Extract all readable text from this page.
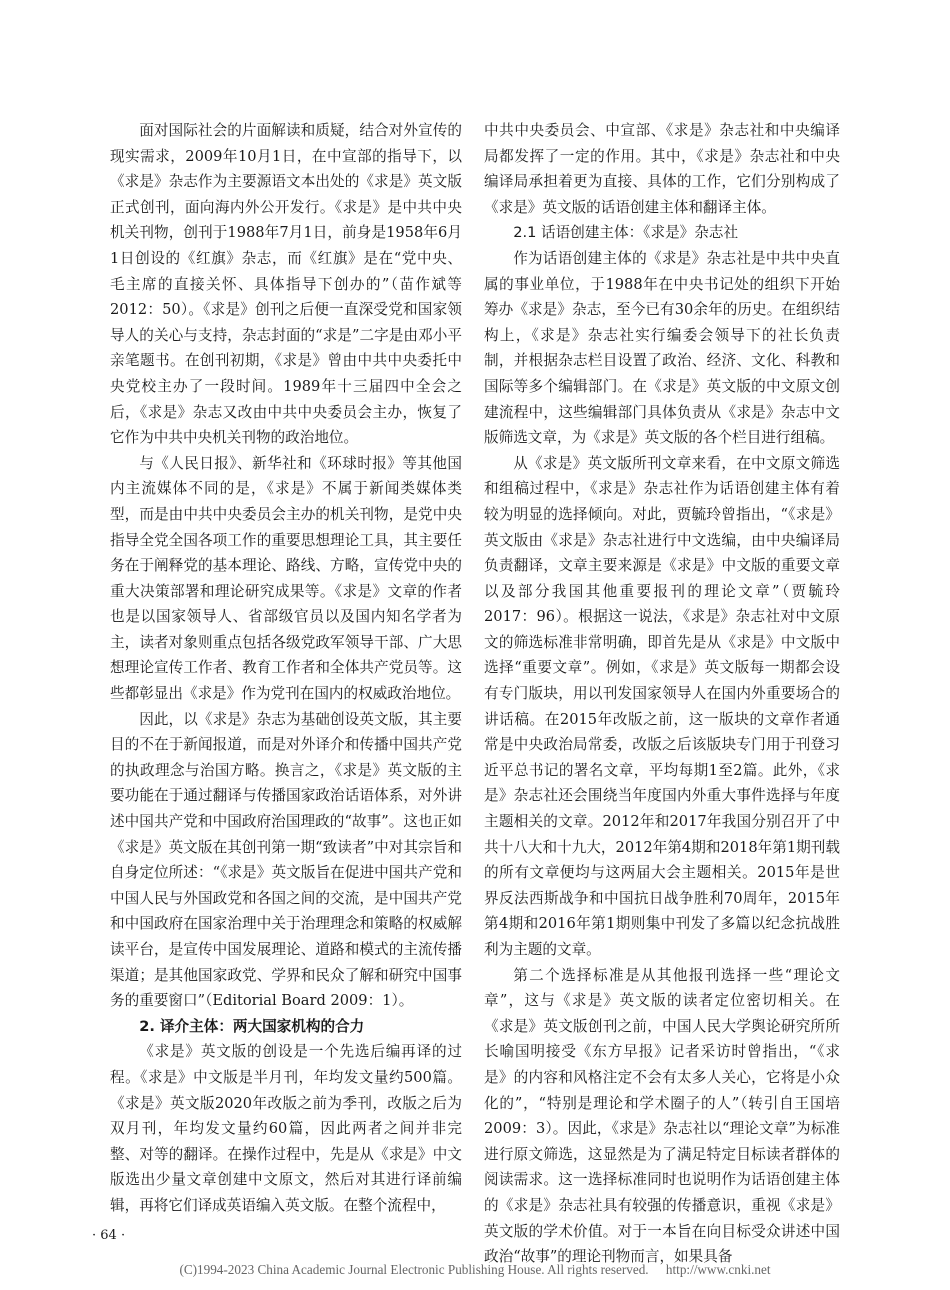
面对国际社会的片面解读和质疑，结合对外宣传的现实需求，2009年10月1日，在中宣部的指导下，以《求是》杂志作为主要源语文本出处的《求是》英文版正式创刊，面向海内外公开发行。《求是》是中共中央机关刊物，创刊于1988年7月1日，前身是1958年6月1日创设的《红旗》杂志，而《红旗》是在“党中央、毛主席的直接关怀、具体指导下创办的”（苗作斌等 2012：50）。《求是》创刊之后便一直深受党和国家领导人的关心与支持，杂志封面的“求是”二字是由邓小平亲笔题书。在创刊初期，《求是》曾由中共中央委托中央党校主办了一段时间。1989年十三届四中全会之后，《求是》杂志又改由中共中央委员会主办，恢复了它作为中共中央机关刊物的政治地位。

与《人民日报》、新华社和《环球时报》等其他国内主流媒体不同的是，《求是》不属于新闻类媒体类型，而是由中共中央委员会主办的机关刊物，是党中央指导全党全国各项工作的重要思想理论工具，其主要任务在于阐释党的基本理论、路线、方略，宣传党中央的重大决策部署和理论研究成果等。《求是》文章的作者也是以国家领导人、省部级官员以及国内知名学者为主，读者对象则重点包括各级党政军领导干部、广大思想理论宣传工作者、教育工作者和全体共产党员等。这些都彰显出《求是》作为党刊在国内的权威政治地位。

因此，以《求是》杂志为基础创设英文版，其主要目的不在于新闻报道，而是对外译介和传播中国共产党的执政理念与治国方略。换言之，《求是》英文版的主要功能在于通过翻译与传播国家政治话语体系，对外讲述中国共产党和中国政府治国理政的“故事”。这也正如《求是》英文版在其创刊第一期“致读者”中对其宗旨和自身定位所述：“《求是》英文版旨在促进中国共产党和中国人民与外国政党和各国之间的交流，是中国共产党和中国政府在国家治理中关于治理理念和策略的权威解读平台，是宣传中国发展理论、道路和模式的主流传播渠道；是其他国家政党、学界和民众了解和研究中国事务的重要窗口”（Editorial Board 2009：1）。

2. 译介主体：两大国家机构的合力

《求是》英文版的创设是一个先选后编再译的过程。《求是》中文版是半月刊，年均发文量约500篇。《求是》英文版2020年改版之前为季刊，改版之后为双月刊，年均发文量约60篇，因此两者之间并非完整、对等的翻译。在操作过程中，先是从《求是》中文版选出少量文章创建中文原文，然后对其进行译前编辑，再将它们译成英语编入英文版。在整个流程中，

中共中央委员会、中宣部、《求是》杂志社和中央编译局都发挥了一定的作用。其中，《求是》杂志社和中央编译局承担着更为直接、具体的工作，它们分别构成了《求是》英文版的话语创建主体和翻译主体。

2.1 话语创建主体：《求是》杂志社

作为话语创建主体的《求是》杂志社是中共中央直属的事业单位，于1988年在中央书记处的组织下开始筹办《求是》杂志，至今已有30余年的历史。在组织结构上，《求是》杂志社实行编委会领导下的社长负责制，并根据杂志栏目设置了政治、经济、文化、科教和国际等多个编辑部门。在《求是》英文版的中文原文创建流程中，这些编辑部门具体负责从《求是》杂志中文版筛选文章，为《求是》英文版的各个栏目进行组稿。

从《求是》英文版所刊文章来看，在中文原文筛选和组稿过程中，《求是》杂志社作为话语创建主体有着较为明显的选择倾向。对此，贾毓玲曾指出，“《求是》英文版由《求是》杂志社进行中文选编，由中央编译局负责翻译，文章主要来源是《求是》中文版的重要文章以及部分我国其他重要报刊的理论文章”（贾毓玲 2017：96）。根据这一说法，《求是》杂志社对中文原文的筛选标准非常明确，即首先是从《求是》中文版中选择“重要文章”。例如，《求是》英文版每一期都会设有专门版块，用以刊发国家领导人在国内外重要场合的讲话稿。在2015年改版之前，这一版块的文章作者通常是中央政治局常委，改版之后该版块专门用于刊登习近平总书记的署名文章，平均每期1至2篇。此外，《求是》杂志社还会围绕当年度国内外重大事件选择与年度主题相关的文章。2012年和2017年我国分别召开了中共十八大和十九大，2012年第4期和2018年第1期刊载的所有文章便均与这两届大会主题相关。2015年是世界反法西斯战争和中国抗日战争胜利70周年，2015年第4期和2016年第1期则集中刊发了多篇以纪念抗战胜利为主题的文章。

第二个选择标准是从其他报刊选择一些“理论文章”，这与《求是》英文版的读者定位密切相关。在《求是》英文版创刊之前，中国人民大学舆论研究所所长喻国明接受《东方早报》记者采访时曾指出，“《求是》的内容和风格注定不会有太多人关心，它将是小众化的”，“特别是理论和学术圈子的人”（转引自王国培 2009：3）。因此，《求是》杂志社以“理论文章”为标准进行原文筛选，这显然是为了满足特定目标读者群体的阅读需求。这一选择标准同时也说明作为话语创建主体的《求是》杂志社具有较强的传播意识，重视《求是》英文版的学术价值。对于一本旨在向目标受众讲述中国政治“故事”的理论刊物而言，如果具备

· 64 ·
(C)1994-2023 China Academic Journal Electronic Publishing House. All rights reserved. http://www.cnki.net
